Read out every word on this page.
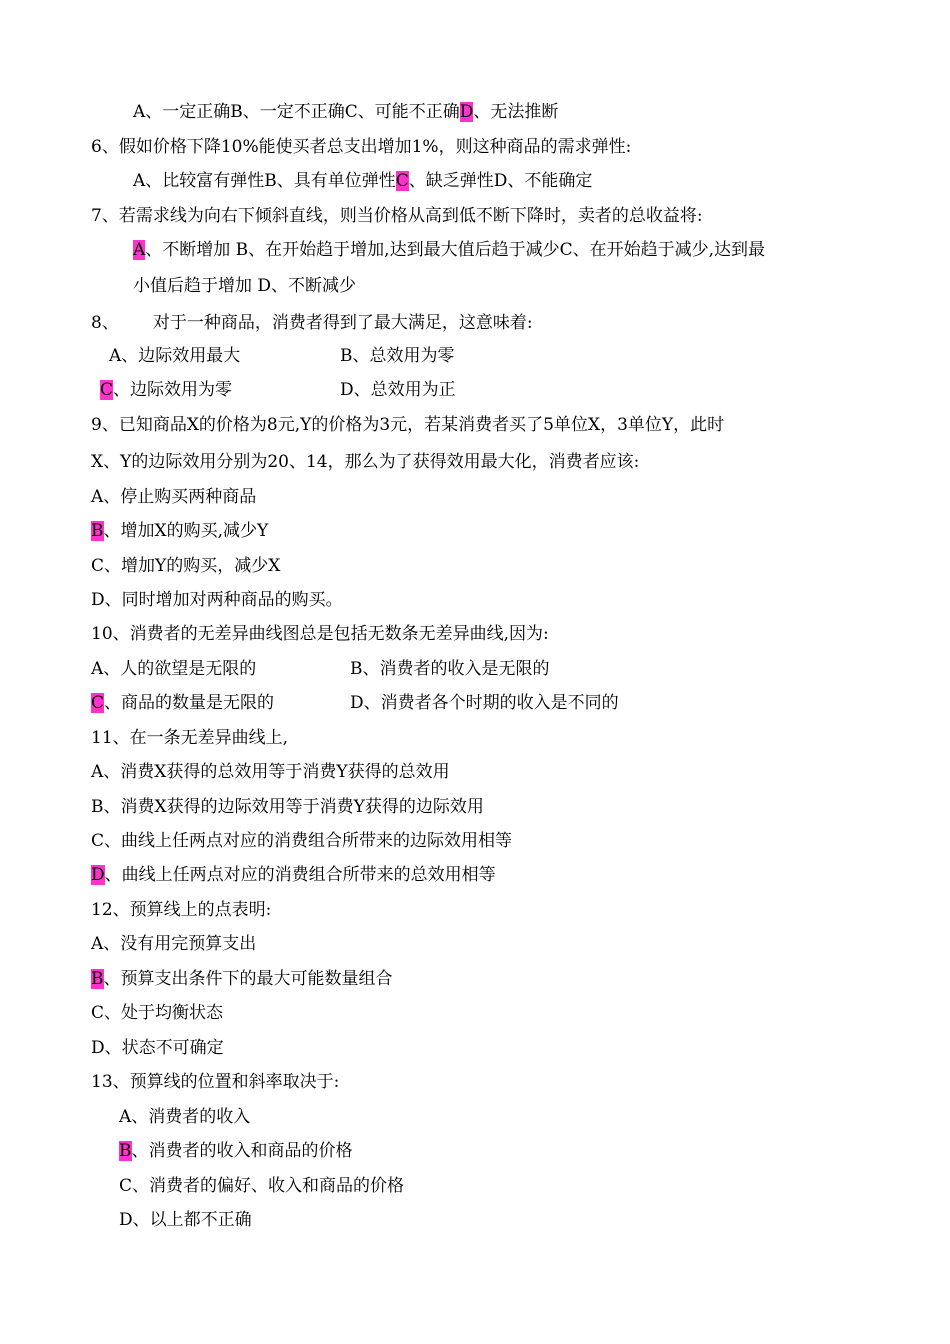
A、一定正确B、一定不正确C、可能不正确D、无法推断
6、假如价格下降10%能使买者总支出增加1%，则这种商品的需求弹性:
A、比较富有弹性B、具有单位弹性C、缺乏弹性D、不能确定
7、若需求线为向右下倾斜直线，则当价格从高到低不断下降时，卖者的总收益将:
A、不断增加 B、在开始趋于增加,达到最大值后趋于减少C、在开始趋于减少,达到最
小值后趋于增加 D、不断减少
8、 对于一种商品，消费者得到了最大满足，这意味着:
A、边际效用最大	B、总效用为零
C、边际效用为零	D、总效用为正
9、已知商品X的价格为8元,Y的价格为3元，若某消费者买了5单位X，3单位Y，此时
X、Y的边际效用分别为20、14，那么为了获得效用最大化，消费者应该:
A、停止购买两种商品
B、增加X的购买,减少Y
C、增加Y的购买，减少X
D、同时增加对两种商品的购买。
10、消费者的无差异曲线图总是包括无数条无差异曲线,因为:
A、人的欲望是无限的	B、消费者的收入是无限的
C、商品的数量是无限的	D、消费者各个时期的收入是不同的
11、在一条无差异曲线上,
A、消费X获得的总效用等于消费Y获得的总效用
B、消费X获得的边际效用等于消费Y获得的边际效用
C、曲线上任两点对应的消费组合所带来的边际效用相等
D、曲线上任两点对应的消费组合所带来的总效用相等
12、预算线上的点表明:
A、没有用完预算支出
B、预算支出条件下的最大可能数量组合
C、处于均衡状态
D、状态不可确定
13、预算线的位置和斜率取决于:
A、消费者的收入
B、消费者的收入和商品的价格
C、消费者的偏好、收入和商品的价格
D、以上都不正确
